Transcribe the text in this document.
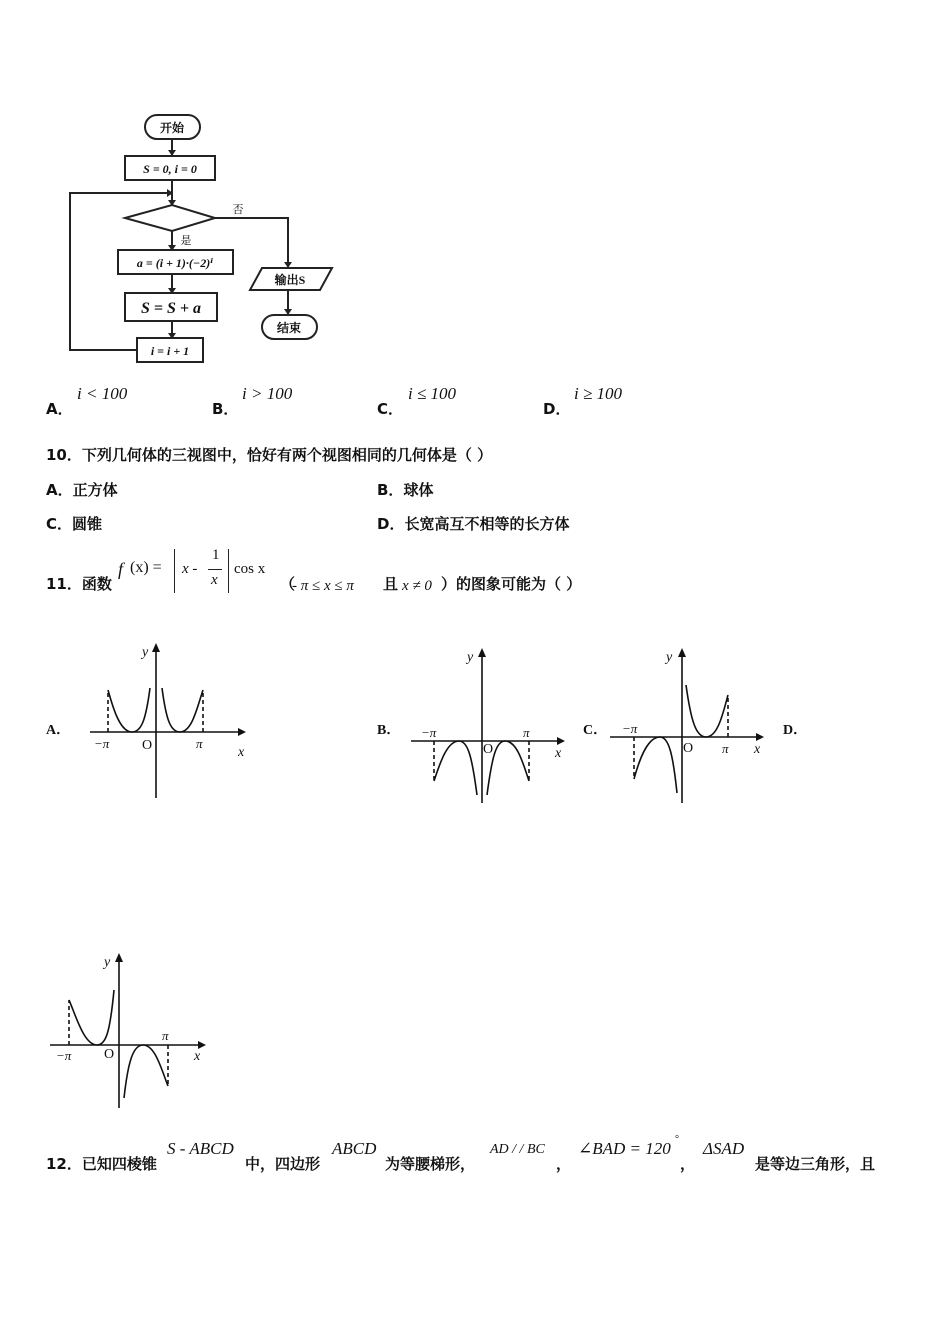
开始
S = 0, i = 0
否
是
a = (i + 1)·(−2)ⁱ
S = S + a
i = i + 1
输出S
结束
A．
i < 100
B．
i > 100
C．
i ≤ 100
D．
i ≥ 100
10．下列几何体的三视图中，恰好有两个视图相同的几何体是（ ）
A．正方体	B．球体
C．圆锥	D．长宽高互不相等的长方体
11．函数
f (x) = x -
1
x
cos x
（
- π ≤ x ≤ π 且 x ≠ 0 ）的图象可能为（ ）
A．	B．	C．	D．
y
x
−π	π
O
y
x
−π	π
O
y
x
−π
π
O
y
x
−π
π
O
12．已知四棱锥
S - ABCD
中，四边形
ABCD
为等腰梯形，
AD / / BC
，
∠BAD = 120 °
，
ΔSAD
是等边三角形，且
